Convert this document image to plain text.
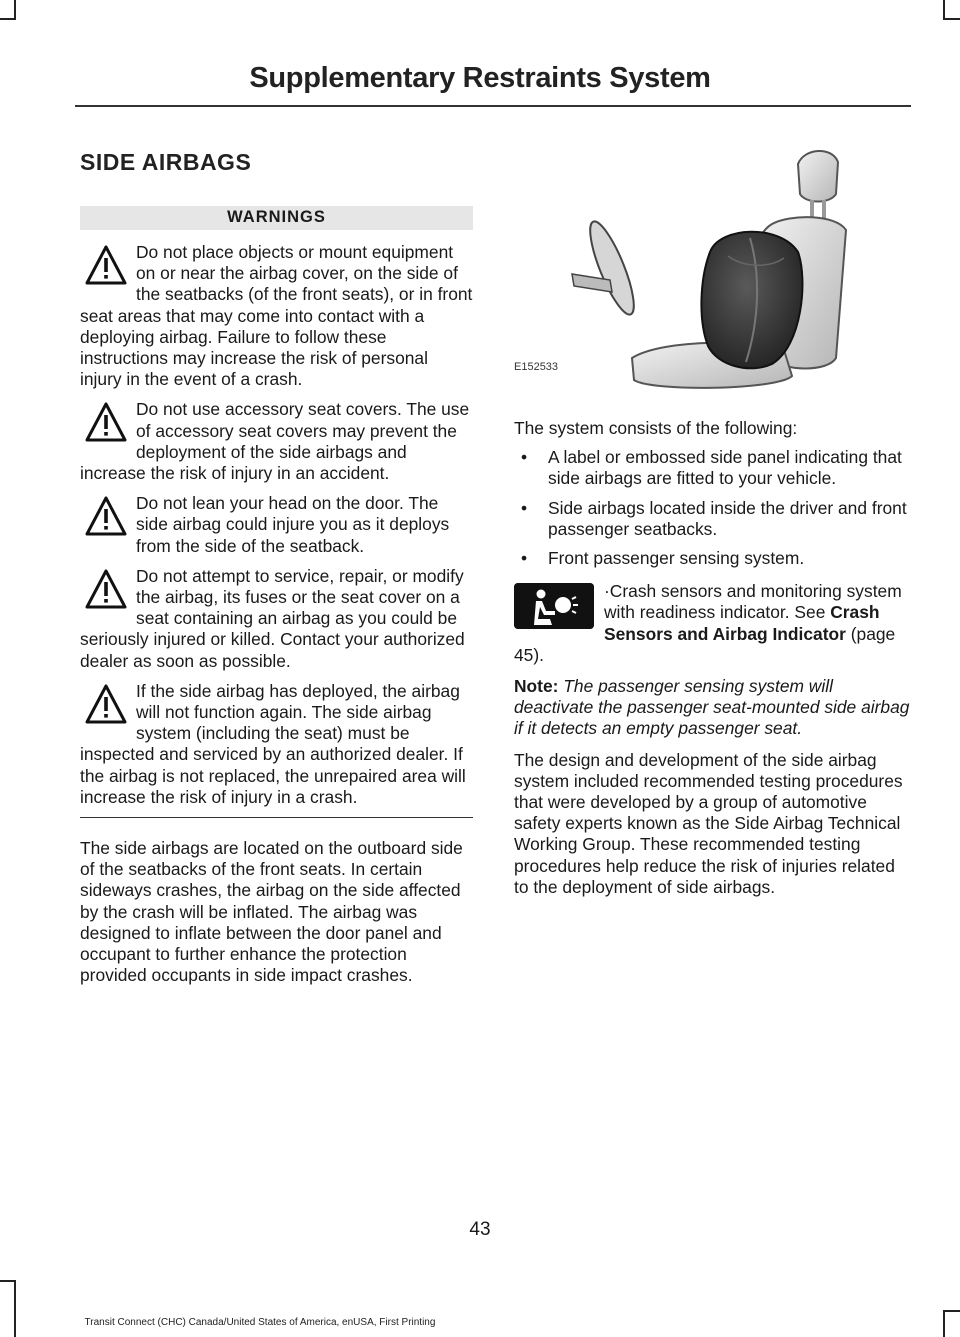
Supplementary Restraints System
SIDE AIRBAGS
WARNINGS
Do not place objects or mount equipment on or near the airbag cover, on the side of the seatbacks (of the front seats), or in front seat areas that may come into contact with a deploying airbag. Failure to follow these instructions may increase the risk of personal injury in the event of a crash.
Do not use accessory seat covers. The use of accessory seat covers may prevent the deployment of the side airbags and increase the risk of injury in an accident.
Do not lean your head on the door. The side airbag could injure you as it deploys from the side of the seatback.
Do not attempt to service, repair, or modify the airbag, its fuses or the seat cover on a seat containing an airbag as you could be seriously injured or killed. Contact your authorized dealer as soon as possible.
If the side airbag has deployed, the airbag will not function again. The side airbag system (including the seat) must be inspected and serviced by an authorized dealer. If the airbag is not replaced, the unrepaired area will increase the risk of injury in a crash.
The side airbags are located on the outboard side of the seatbacks of the front seats. In certain sideways crashes, the airbag on the side affected by the crash will be inflated. The airbag was designed to inflate between the door panel and occupant to further enhance the protection provided occupants in side impact crashes.
E152533
The system consists of the following:
• A label or embossed side panel indicating that side airbags are fitted to your vehicle.
• Side airbags located inside the driver and front passenger seatbacks.
• Front passenger sensing system.
·Crash sensors and monitoring system with readiness indicator. See Crash Sensors and Airbag Indicator (page 45).
Note: The passenger sensing system will deactivate the passenger seat-mounted side airbag if it detects an empty passenger seat.
The design and development of the side airbag system included recommended testing procedures that were developed by a group of automotive safety experts known as the Side Airbag Technical Working Group. These recommended testing procedures help reduce the risk of injuries related to the deployment of side airbags.
43
Transit Connect (CHC) Canada/United States of America, enUSA, First Printing
